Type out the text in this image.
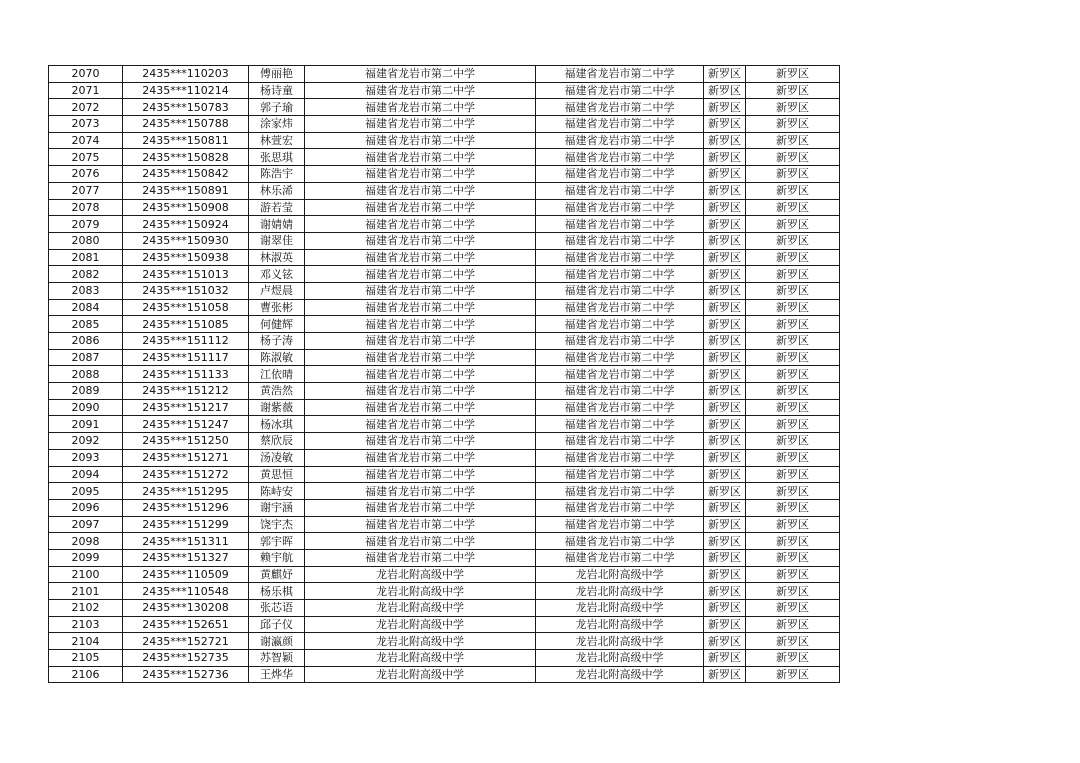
2070	2435***110203	傅丽艳	福建省龙岩市第二中学	福建省龙岩市第二中学	新罗区	新罗区
2071	2435***110214	杨诗童	福建省龙岩市第二中学	福建省龙岩市第二中学	新罗区	新罗区
2072	2435***150783	郭子瑜	福建省龙岩市第二中学	福建省龙岩市第二中学	新罗区	新罗区
2073	2435***150788	涂家炜	福建省龙岩市第二中学	福建省龙岩市第二中学	新罗区	新罗区
2074	2435***150811	林萱宏	福建省龙岩市第二中学	福建省龙岩市第二中学	新罗区	新罗区
2075	2435***150828	张思琪	福建省龙岩市第二中学	福建省龙岩市第二中学	新罗区	新罗区
2076	2435***150842	陈浩宇	福建省龙岩市第二中学	福建省龙岩市第二中学	新罗区	新罗区
2077	2435***150891	林乐浠	福建省龙岩市第二中学	福建省龙岩市第二中学	新罗区	新罗区
2078	2435***150908	游若莹	福建省龙岩市第二中学	福建省龙岩市第二中学	新罗区	新罗区
2079	2435***150924	谢婧婧	福建省龙岩市第二中学	福建省龙岩市第二中学	新罗区	新罗区
2080	2435***150930	谢翠佳	福建省龙岩市第二中学	福建省龙岩市第二中学	新罗区	新罗区
2081	2435***150938	林淑英	福建省龙岩市第二中学	福建省龙岩市第二中学	新罗区	新罗区
2082	2435***151013	邓义铉	福建省龙岩市第二中学	福建省龙岩市第二中学	新罗区	新罗区
2083	2435***151032	卢煜晨	福建省龙岩市第二中学	福建省龙岩市第二中学	新罗区	新罗区
2084	2435***151058	曹张彬	福建省龙岩市第二中学	福建省龙岩市第二中学	新罗区	新罗区
2085	2435***151085	何健辉	福建省龙岩市第二中学	福建省龙岩市第二中学	新罗区	新罗区
2086	2435***151112	杨子涛	福建省龙岩市第二中学	福建省龙岩市第二中学	新罗区	新罗区
2087	2435***151117	陈淑敏	福建省龙岩市第二中学	福建省龙岩市第二中学	新罗区	新罗区
2088	2435***151133	江依晴	福建省龙岩市第二中学	福建省龙岩市第二中学	新罗区	新罗区
2089	2435***151212	黄浩然	福建省龙岩市第二中学	福建省龙岩市第二中学	新罗区	新罗区
2090	2435***151217	谢紫薇	福建省龙岩市第二中学	福建省龙岩市第二中学	新罗区	新罗区
2091	2435***151247	杨冰琪	福建省龙岩市第二中学	福建省龙岩市第二中学	新罗区	新罗区
2092	2435***151250	蔡欣辰	福建省龙岩市第二中学	福建省龙岩市第二中学	新罗区	新罗区
2093	2435***151271	汤凌敏	福建省龙岩市第二中学	福建省龙岩市第二中学	新罗区	新罗区
2094	2435***151272	黄思恒	福建省龙岩市第二中学	福建省龙岩市第二中学	新罗区	新罗区
2095	2435***151295	陈峙安	福建省龙岩市第二中学	福建省龙岩市第二中学	新罗区	新罗区
2096	2435***151296	谢宇涵	福建省龙岩市第二中学	福建省龙岩市第二中学	新罗区	新罗区
2097	2435***151299	饶宇杰	福建省龙岩市第二中学	福建省龙岩市第二中学	新罗区	新罗区
2098	2435***151311	郭宇晖	福建省龙岩市第二中学	福建省龙岩市第二中学	新罗区	新罗区
2099	2435***151327	赖宇航	福建省龙岩市第二中学	福建省龙岩市第二中学	新罗区	新罗区
2100	2435***110509	黄麒妤	龙岩北附高级中学	龙岩北附高级中学	新罗区	新罗区
2101	2435***110548	杨乐棋	龙岩北附高级中学	龙岩北附高级中学	新罗区	新罗区
2102	2435***130208	张芯语	龙岩北附高级中学	龙岩北附高级中学	新罗区	新罗区
2103	2435***152651	邱子仪	龙岩北附高级中学	龙岩北附高级中学	新罗区	新罗区
2104	2435***152721	谢瀛颜	龙岩北附高级中学	龙岩北附高级中学	新罗区	新罗区
2105	2435***152735	苏智颖	龙岩北附高级中学	龙岩北附高级中学	新罗区	新罗区
2106	2435***152736	王烨华	龙岩北附高级中学	龙岩北附高级中学	新罗区	新罗区
